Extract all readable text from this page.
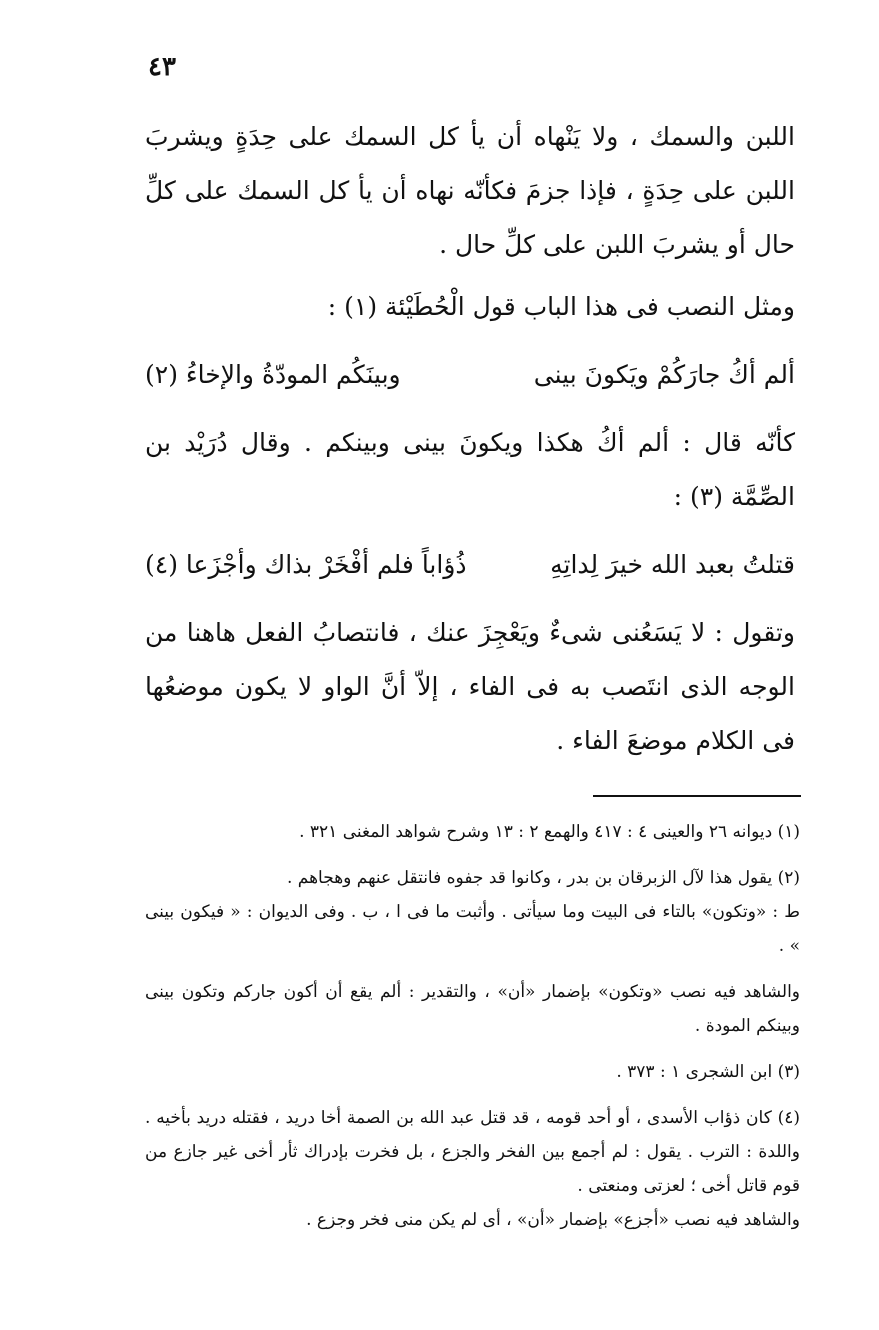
٤٣

اللبن والسمك ، ولا يَنْهاه أن يأ كل السمك على حِدَةٍ ويشربَ اللبن على حِدَةٍ ، فإذا جزمَ فكأنّه نهاه أن يأ كل السمك على كلِّ حال أو يشربَ اللبن على كلِّ حال .

ومثل النصب فى هذا الباب قول الْحُطَيْئة (١) :

ألم أكُ جارَكُمْ ويَكونَ بينى
وبينَكُم المودّةُ والإخاءُ (٢)

كأنّه قال : ألم أكُ هكذا ويكونَ بينى وبينكم . وقال دُرَيْد بن الصِّمَّة (٣) :

قتلتُ بعبد الله خيرَ لِداتِهِ
ذُؤاباً فلم أفْخَرْ بذاك وأجْزَعا (٤)

وتقول : لا يَسَعُنى شىءٌ ويَعْجِزَ عنك ، فانتصابُ الفعل هاهنا من الوجه الذى انتَصب به فى الفاء ، إلاّ أنَّ الواو لا يكون موضعُها فى الكلام موضعَ الفاء .

(١) ديوانه ٢٦ والعينى ٤ : ٤١٧ والهمع ٢ : ١٣ وشرح شواهد المغنى ٣٢١ .

(٢) يقول هذا لآل الزبرقان بن بدر ، وكانوا قد جفوه فانتقل عنهم وهجاهم .
ط : «وتكون» بالتاء فى البيت وما سيأتى . وأثبت ما فى ا ، ب . وفى الديوان : « فيكون بينى » .

والشاهد فيه نصب «وتكون» بإضمار «أن» ، والتقدير : ألم يقع أن أكون جاركم وتكون بينى وبينكم المودة .

(٣) ابن الشجرى ١ : ٣٧٣ .

(٤) كان ذؤاب الأسدى ، أو أحد قومه ، قد قتل عبد الله بن الصمة أخا دريد ، فقتله دريد بأخيه . واللدة : الترب . يقول : لم أجمع بين الفخر والجزع ، بل فخرت بإدراك ثأر أخى غير جازع من قوم قاتل أخى ؛ لعزتى ومنعتى .
والشاهد فيه نصب «أجزع» بإضمار «أن» ، أى لم يكن منى فخر وجزع .
